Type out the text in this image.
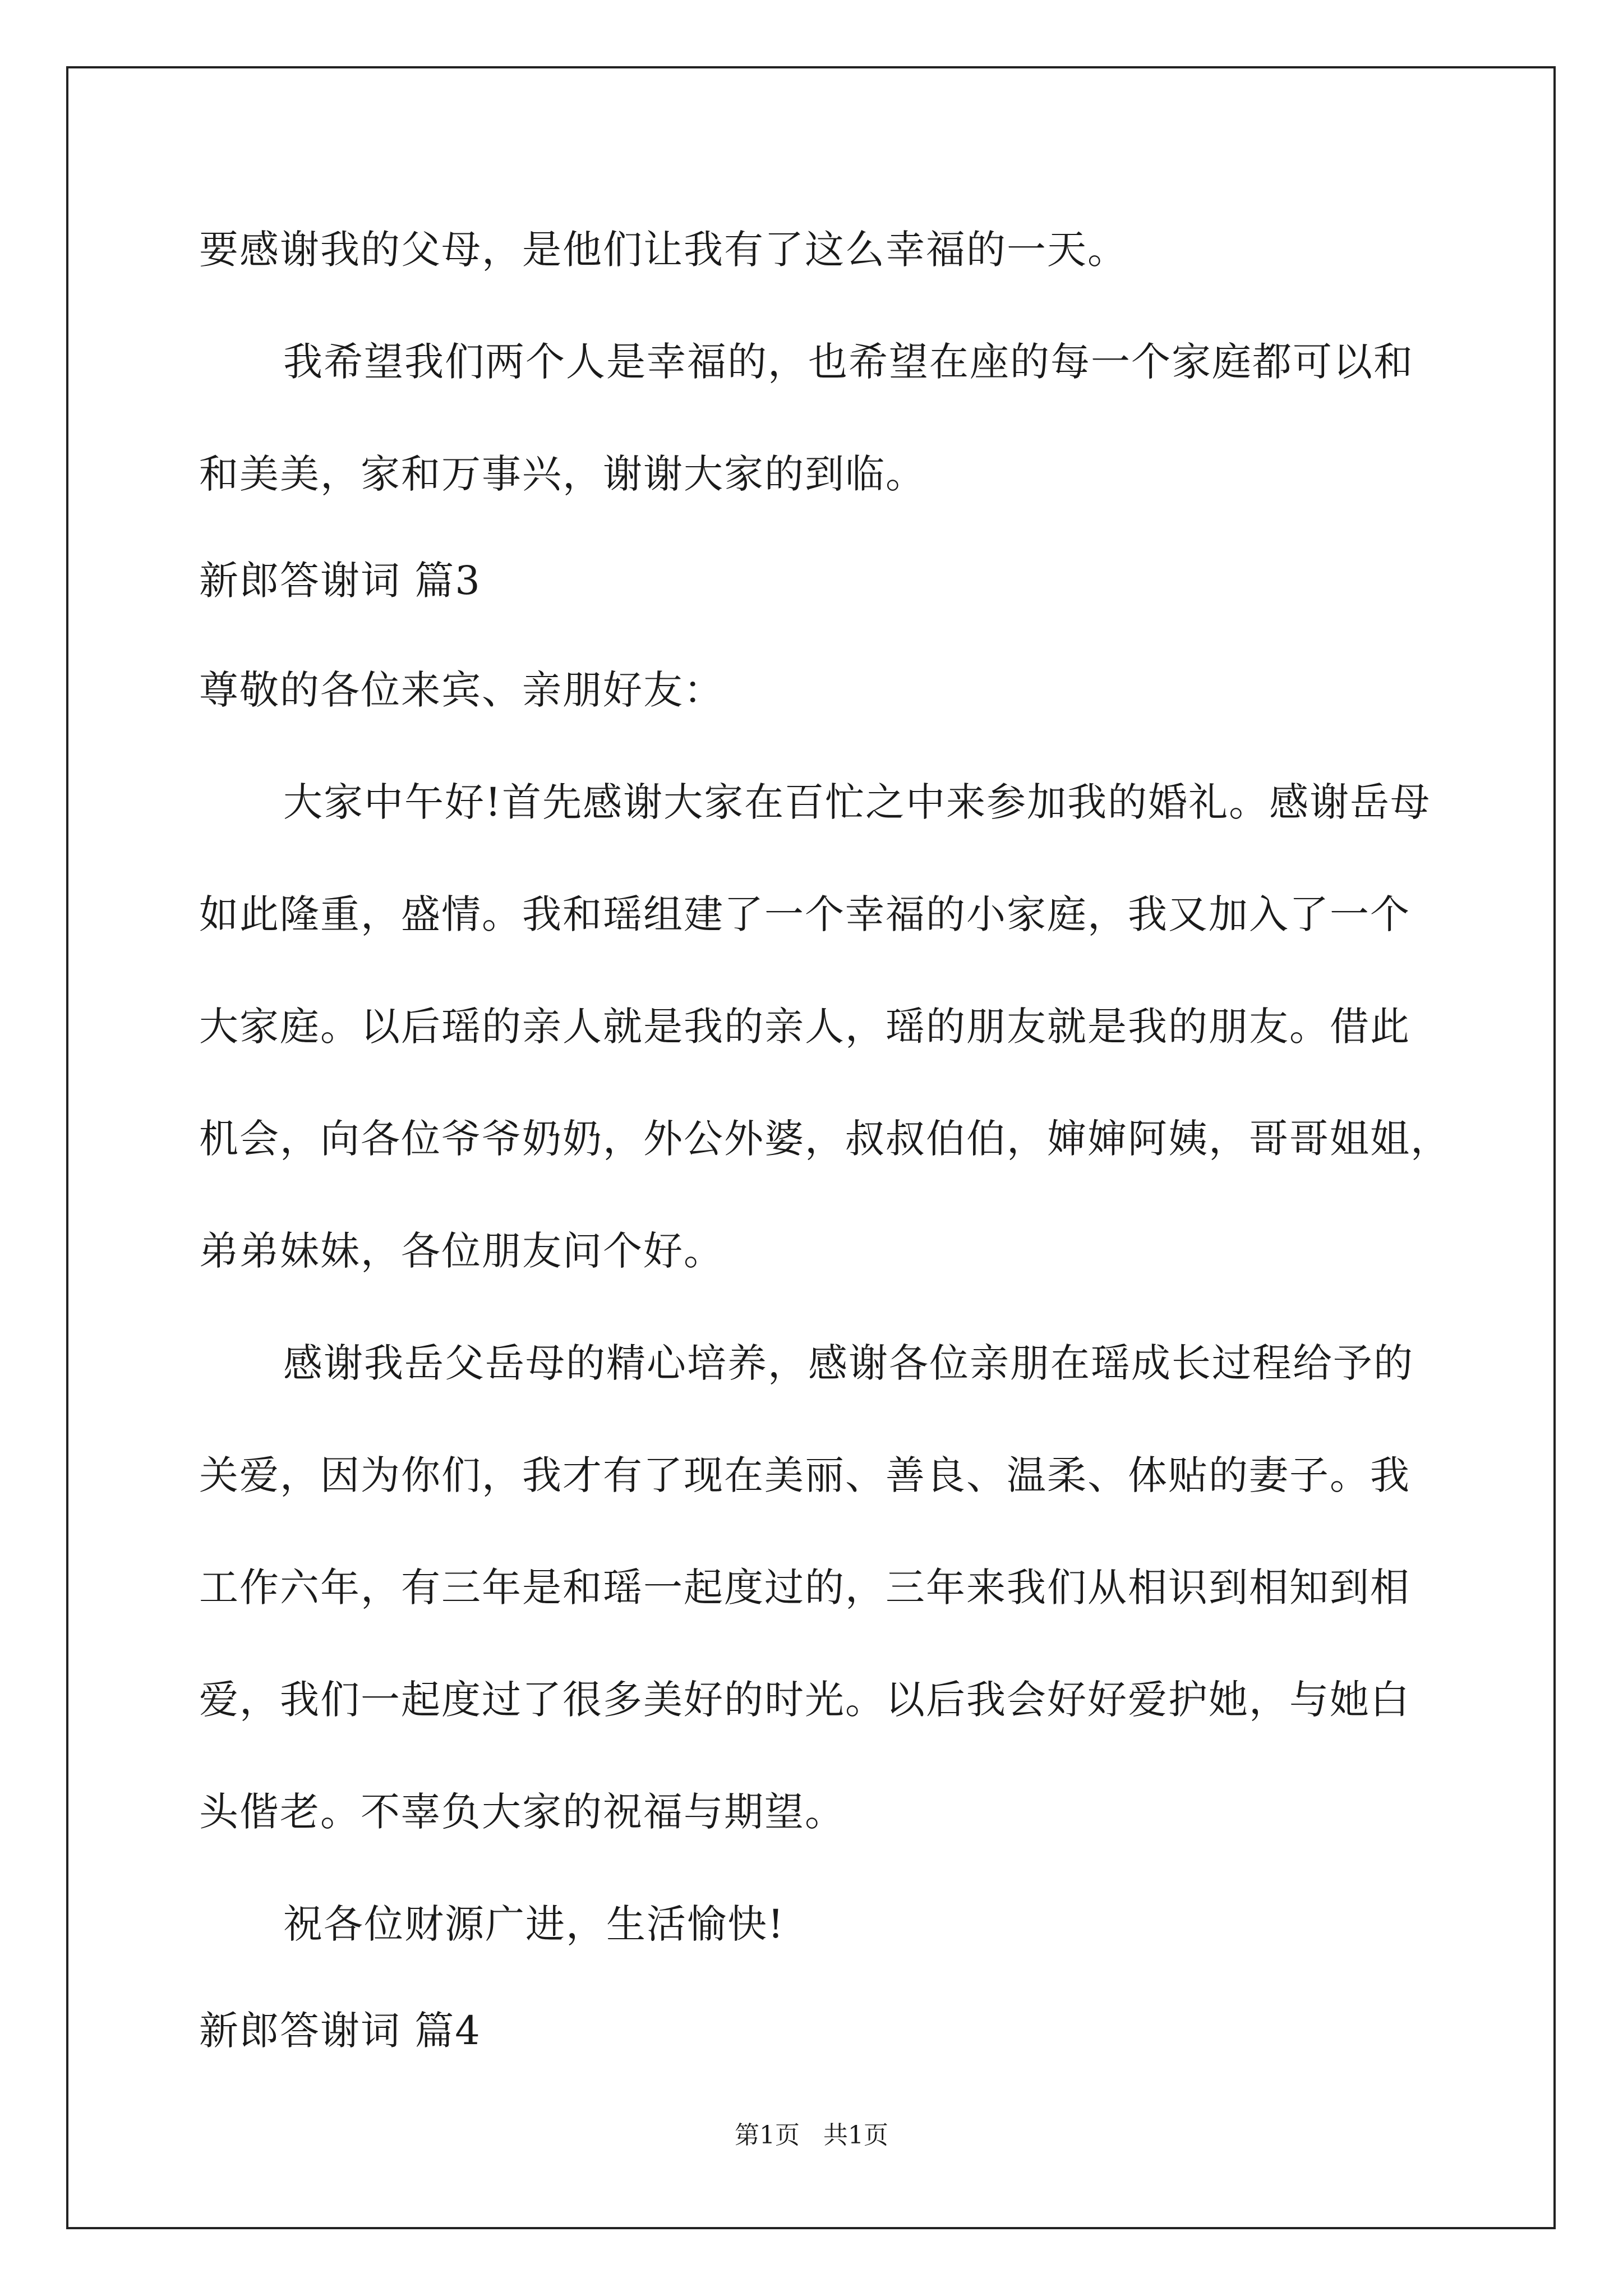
要感谢我的父母，是他们让我有了这么幸福的一天。
我希望我们两个人是幸福的，也希望在座的每一个家庭都可以和
和美美，家和万事兴，谢谢大家的到临。
新郎答谢词 篇3
尊敬的各位来宾、亲朋好友：
大家中午好!首先感谢大家在百忙之中来参加我的婚礼。感谢岳母
如此隆重，盛情。我和瑶组建了一个幸福的小家庭，我又加入了一个
大家庭。以后瑶的亲人就是我的亲人，瑶的朋友就是我的朋友。借此
机会，向各位爷爷奶奶，外公外婆，叔叔伯伯，婶婶阿姨，哥哥姐姐，
弟弟妹妹，各位朋友问个好。
感谢我岳父岳母的精心培养，感谢各位亲朋在瑶成长过程给予的
关爱，因为你们，我才有了现在美丽、善良、温柔、体贴的妻子。我
工作六年，有三年是和瑶一起度过的，三年来我们从相识到相知到相
爱，我们一起度过了很多美好的时光。以后我会好好爱护她，与她白
头偕老。不辜负大家的祝福与期望。
祝各位财源广进，生活愉快!
新郎答谢词 篇4
第1页   共1页
